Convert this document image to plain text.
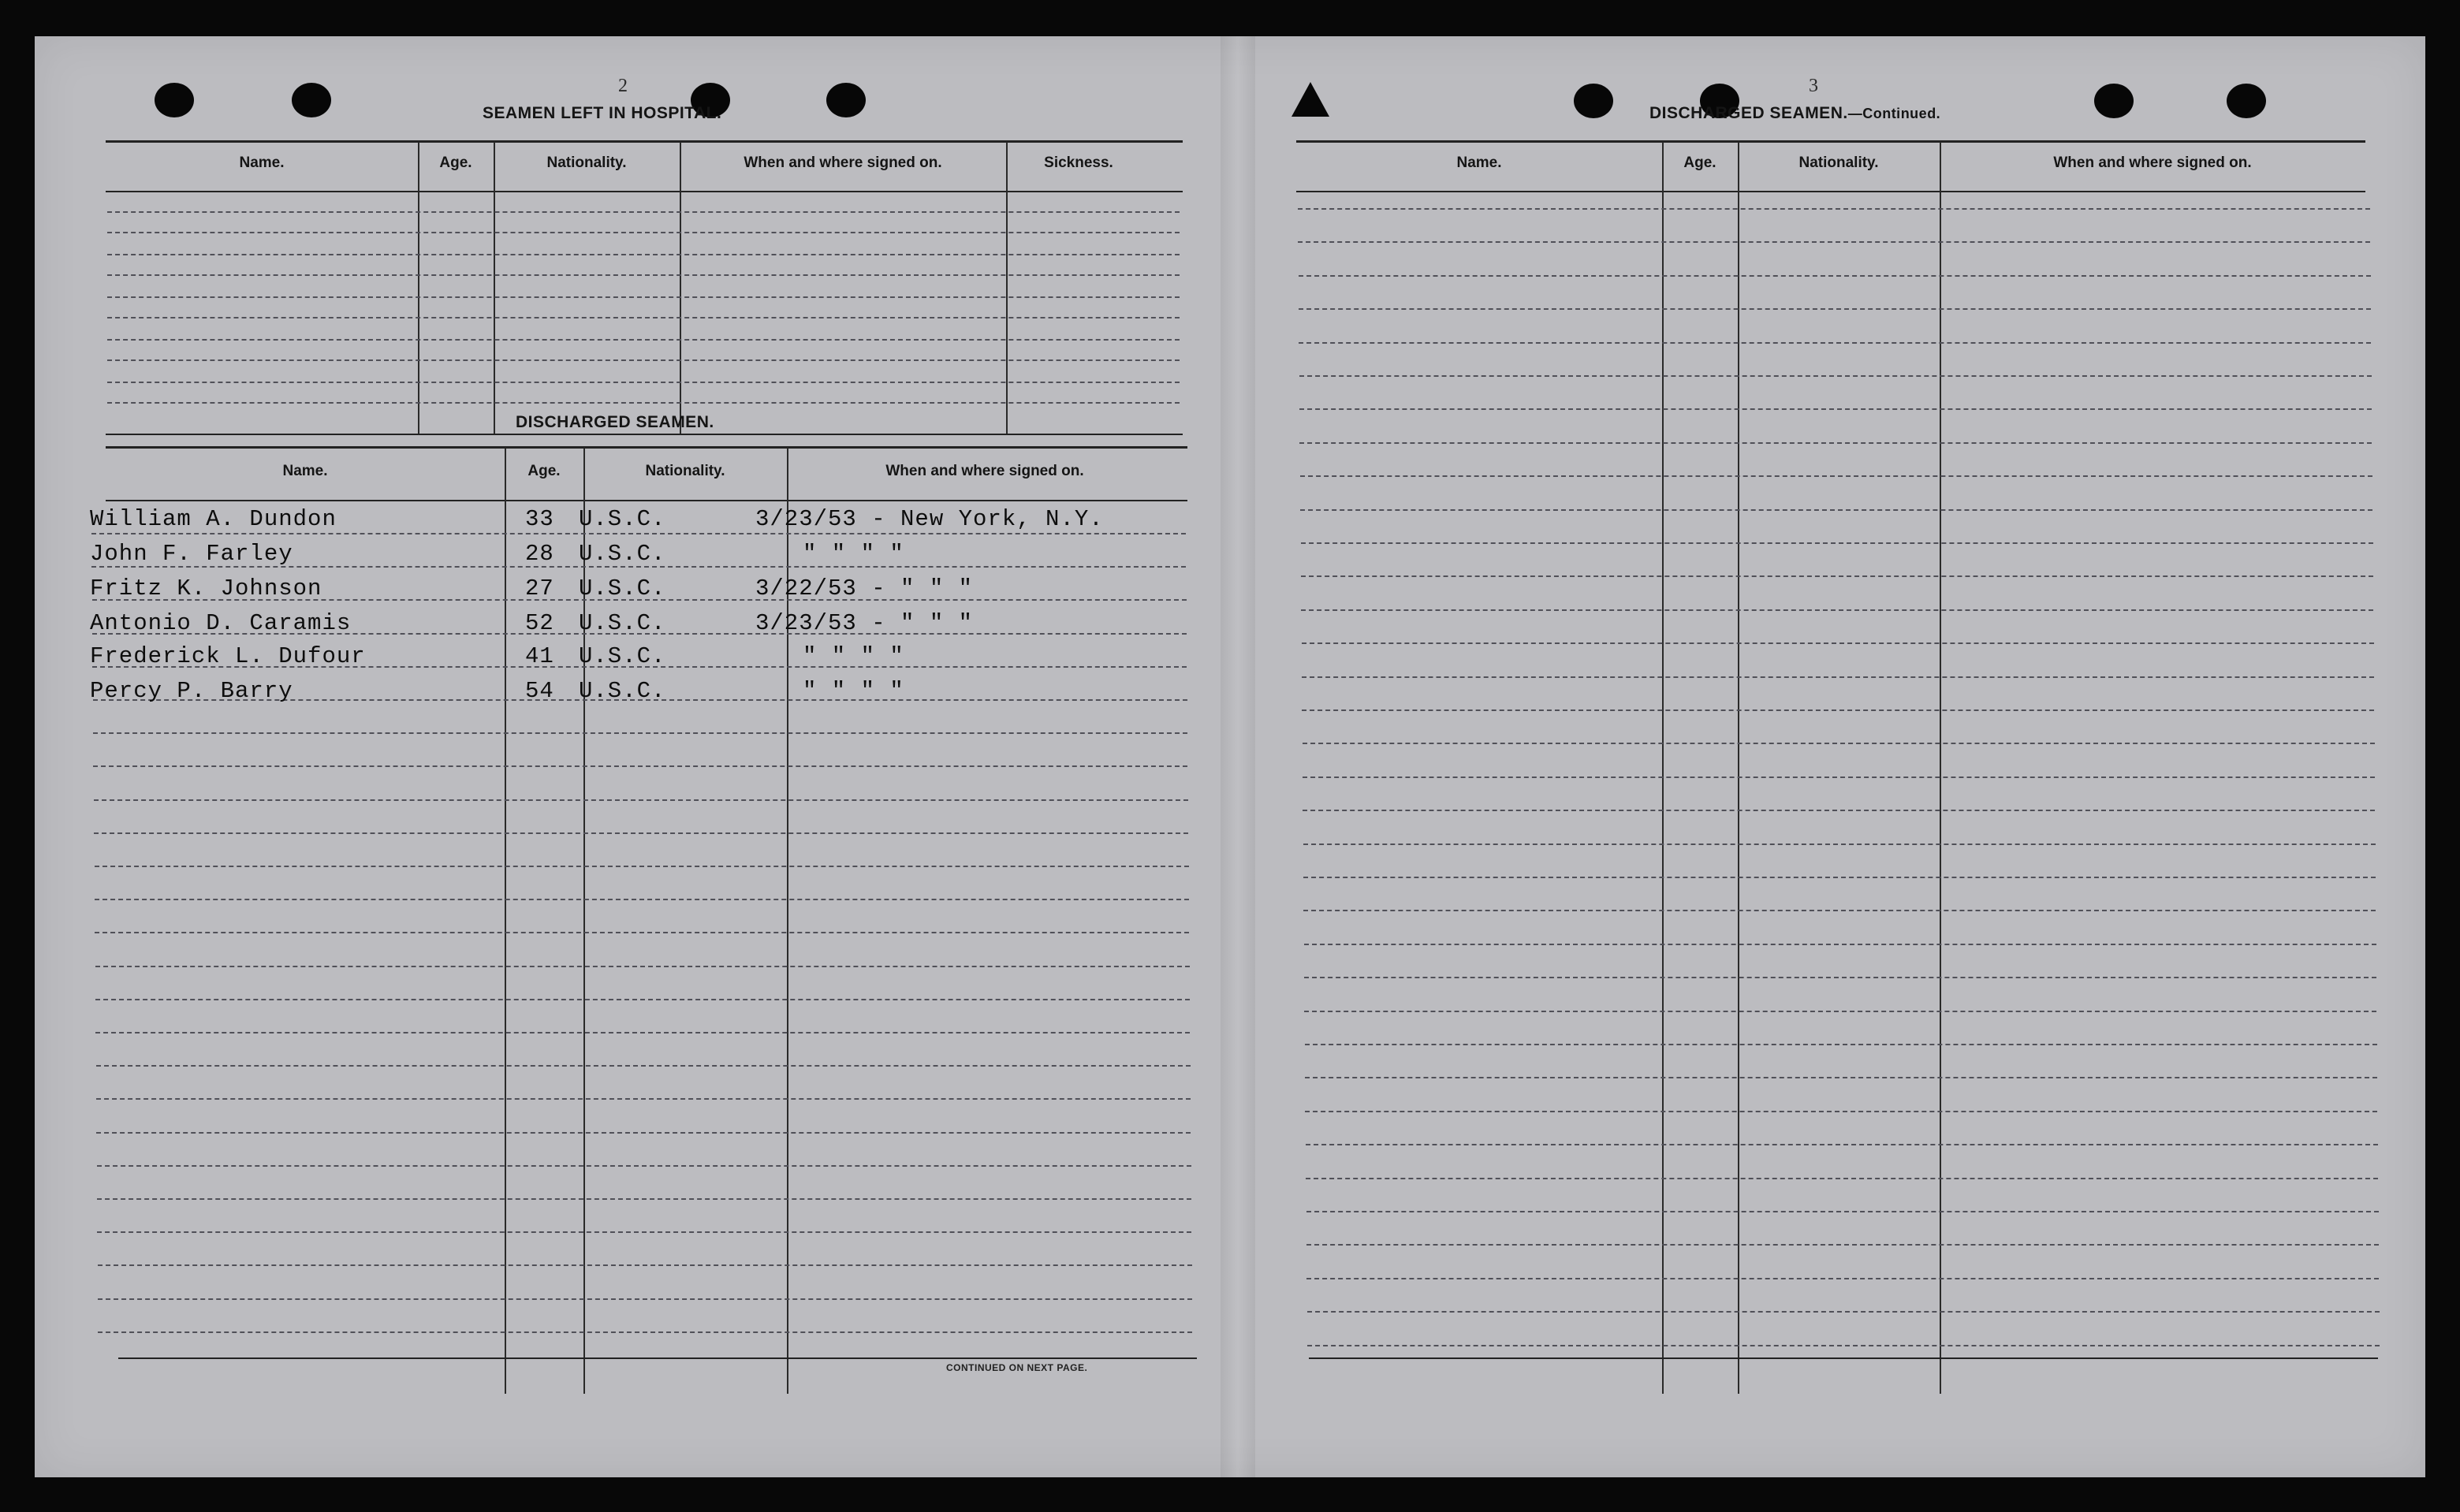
2
SEAMEN LEFT IN HOSPITAL.
Name.	Age.	Nationality.	When and where signed on.	Sickness.
DISCHARGED SEAMEN.
Name.	Age.	Nationality.	When and where signed on.
William A. Dundon	33 U.S.C.	3/23/53 - New York, N.Y.
John F. Farley	28 U.S.C.	" " " "
Fritz K. Johnson	27 U.S.C.	3/22/53 - " " "
Antonio D. Caramis	52 U.S.C.	3/23/53 - " " "
Frederick L. Dufour	41 U.S.C.	" " " "
Percy P. Barry	54 U.S.C.	" " " "
CONTINUED ON NEXT PAGE.
3
DISCHARGED SEAMEN.—Continued.
Name.	Age.	Nationality.	When and where signed on.
